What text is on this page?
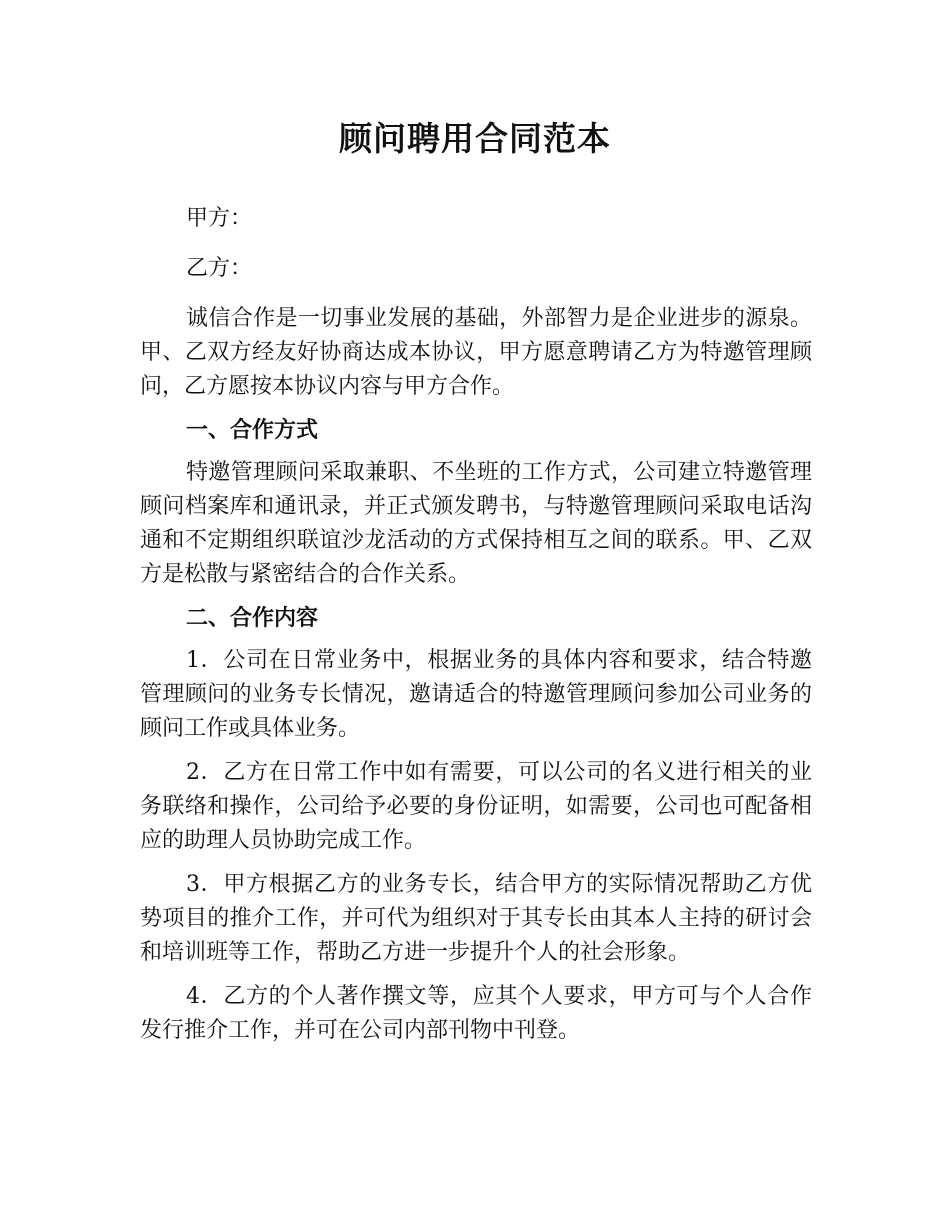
顾问聘用合同范本

甲方：

乙方：

诚信合作是一切事业发展的基础，外部智力是企业进步的源泉。甲、乙双方经友好协商达成本协议，甲方愿意聘请乙方为特邀管理顾问，乙方愿按本协议内容与甲方合作。

一、合作方式

特邀管理顾问采取兼职、不坐班的工作方式，公司建立特邀管理顾问档案库和通讯录，并正式颁发聘书，与特邀管理顾问采取电话沟通和不定期组织联谊沙龙活动的方式保持相互之间的联系。甲、乙双方是松散与紧密结合的合作关系。

二、合作内容

1．公司在日常业务中，根据业务的具体内容和要求，结合特邀管理顾问的业务专长情况，邀请适合的特邀管理顾问参加公司业务的顾问工作或具体业务。

2．乙方在日常工作中如有需要，可以公司的名义进行相关的业务联络和操作，公司给予必要的身份证明，如需要，公司也可配备相应的助理人员协助完成工作。

3．甲方根据乙方的业务专长，结合甲方的实际情况帮助乙方优势项目的推介工作，并可代为组织对于其专长由其本人主持的研讨会和培训班等工作，帮助乙方进一步提升个人的社会形象。

4．乙方的个人著作撰文等，应其个人要求，甲方可与个人合作发行推介工作，并可在公司内部刊物中刊登。
